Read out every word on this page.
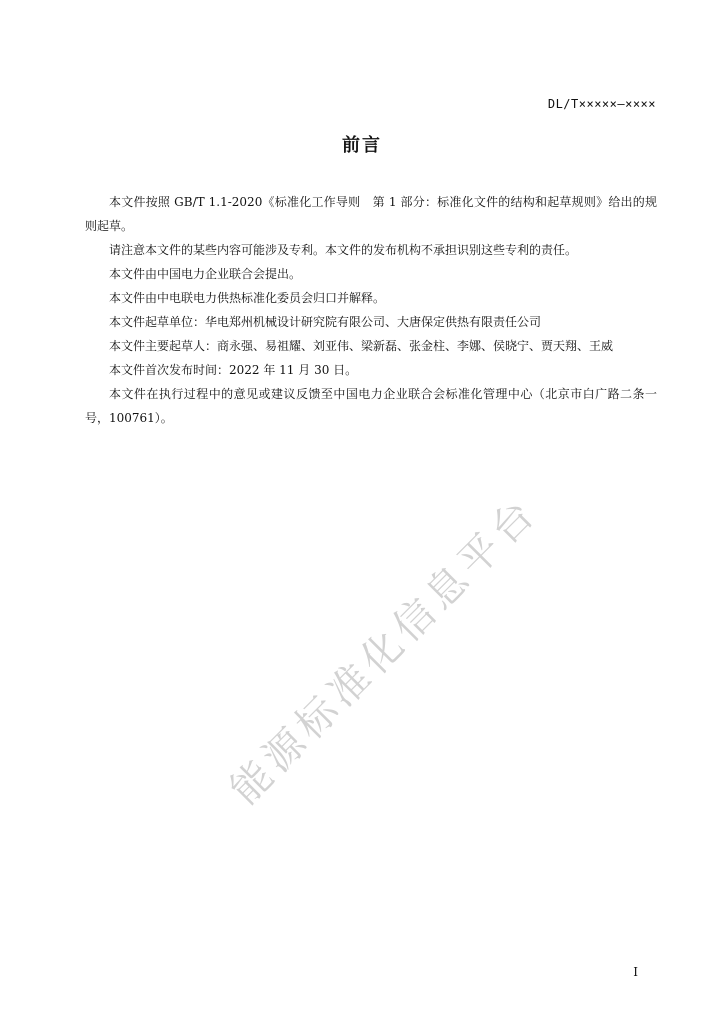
DL/T×××××—××××
前言

本文件按照 GB/T 1.1-2020《标准化工作导则　第 1 部分：标准化文件的结构和起草规则》给出的规则起草。

请注意本文件的某些内容可能涉及专利。本文件的发布机构不承担识别这些专利的责任。

本文件由中国电力企业联合会提出。

本文件由中电联电力供热标准化委员会归口并解释。

本文件起草单位：华电郑州机械设计研究院有限公司、大唐保定供热有限责任公司

本文件主要起草人：商永强、易祖耀、刘亚伟、梁新磊、张金柱、李娜、侯晓宁、贾天翔、王威

本文件首次发布时间：2022 年 11 月 30 日。

本文件在执行过程中的意见或建议反馈至中国电力企业联合会标准化管理中心（北京市白广路二条一号，100761）。

能源标准化信息平台
I
